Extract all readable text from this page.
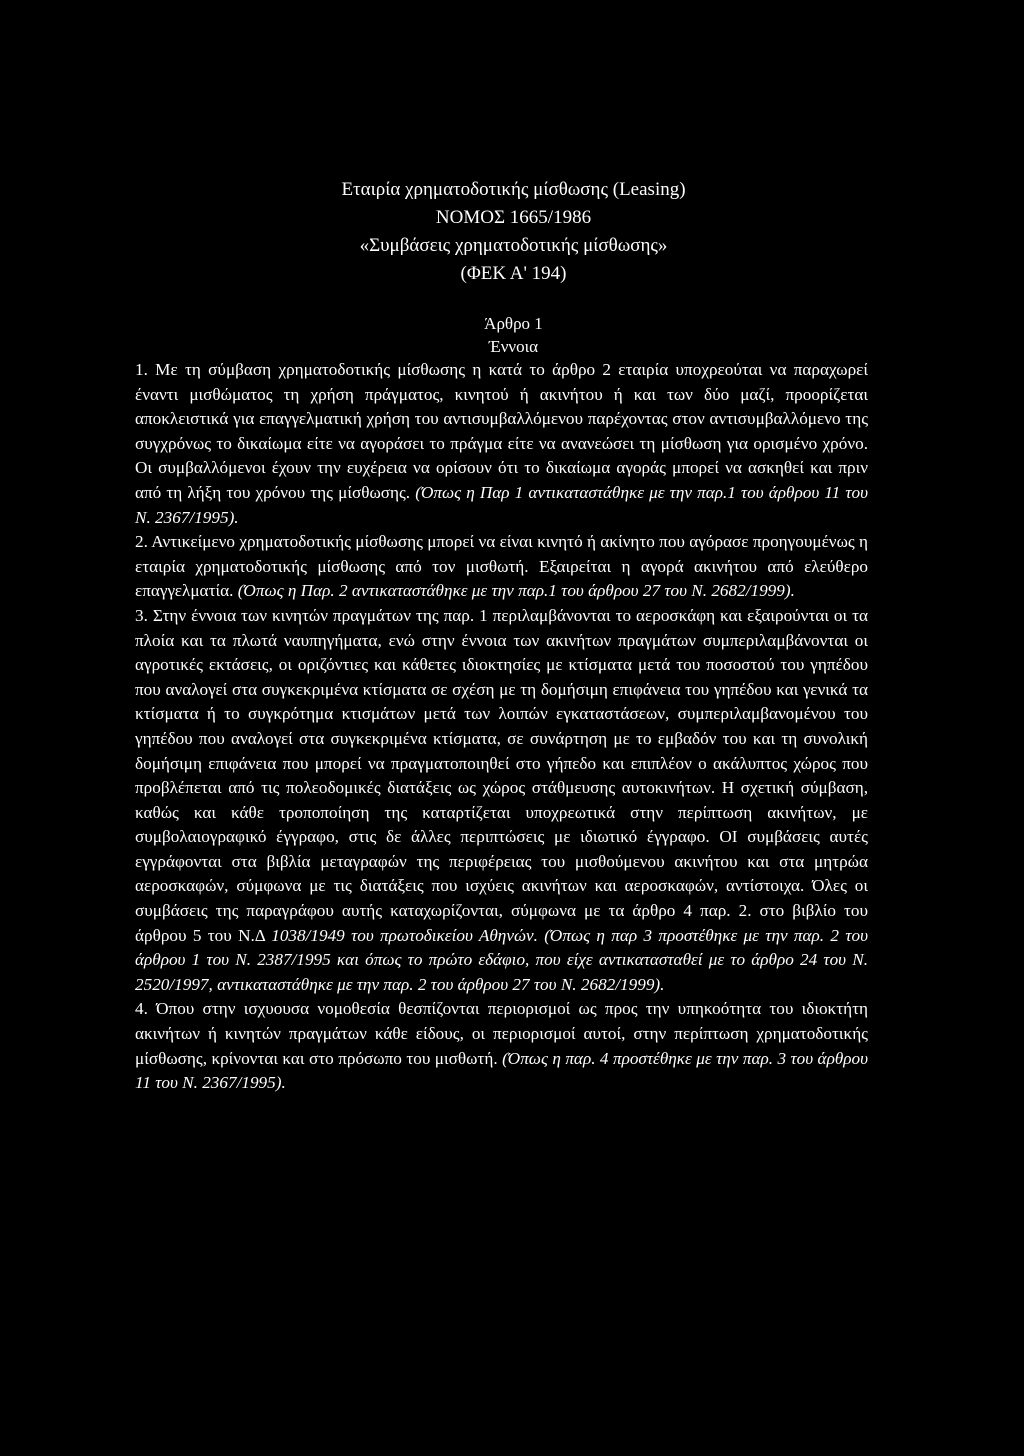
Εταιρία χρηματοδοτικής μίσθωσης (Leasing)
ΝΟΜΟΣ 1665/1986
«Συμβάσεις χρηματοδοτικής μίσθωσης»
(ΦΕΚ Α' 194)
Άρθρο 1
Έννοια

1. Με τη σύμβαση χρηματοδοτικής μίσθωσης η κατά το άρθρο 2 εταιρία υποχρεούται να παραχωρεί έναντι μισθώματος τη χρήση πράγματος, κινητού ή ακινήτου ή και των δύο μαζί, προορίζεται αποκλειστικά για επαγγελματική χρήση του αντισυμβαλλόμενου παρέχοντας στον αντισυμβαλλόμενο της συγχρόνως το δικαίωμα είτε να αγοράσει το πράγμα είτε να ανανεώσει τη μίσθωση για ορισμένο χρόνο. Οι συμβαλλόμενοι έχουν την ευχέρεια να ορίσουν ότι το δικαίωμα αγοράς μπορεί να ασκηθεί και πριν από τη λήξη του χρόνου της μίσθωσης. (Όπως η Παρ 1 αντικαταστάθηκε με την παρ.1 του άρθρου 11 του Ν. 2367/1995).

2. Αντικείμενο χρηματοδοτικής μίσθωσης μπορεί να είναι κινητό ή ακίνητο που αγόρασε προηγουμένως η εταιρία χρηματοδοτικής μίσθωσης από τον μισθωτή. Εξαιρείται η αγορά ακινήτου από ελεύθερο επαγγελματία. (Όπως η Παρ. 2 αντικαταστάθηκε με την παρ.1 του άρθρου 27 του Ν. 2682/1999).

3. Στην έννοια των κινητών πραγμάτων της παρ. 1 περιλαμβάνονται το αεροσκάφη και εξαιρούνται οι τα πλοία και τα πλωτά ναυπηγήματα, ενώ στην έννοια των ακινήτων πραγμάτων συμπεριλαμβάνονται οι αγροτικές εκτάσεις, οι οριζόντιες και κάθετες ιδιοκτησίες με κτίσματα μετά του ποσοστού του γηπέδου που αναλογεί στα συγκεκριμένα κτίσματα σε σχέση με τη δομήσιμη επιφάνεια του γηπέδου και γενικά τα κτίσματα ή το συγκρότημα κτισμάτων μετά των λοιπών εγκαταστάσεων, συμπεριλαμβανομένου του γηπέδου που αναλογεί στα συγκεκριμένα κτίσματα, σε συνάρτηση με το εμβαδόν του και τη συνολική δομήσιμη επιφάνεια που μπορεί να πραγματοποιηθεί στο γήπεδο και επιπλέον ο ακάλυπτος χώρος που προβλέπεται από τις πολεοδομικές διατάξεις ως χώρος στάθμευσης αυτοκινήτων. Η σχετική σύμβαση, καθώς και κάθε τροποποίηση της καταρτίζεται υποχρεωτικά στην περίπτωση ακινήτων, με συμβολαιογραφικό έγγραφο, στις δε άλλες περιπτώσεις με ιδιωτικό έγγραφο. ΟΙ συμβάσεις αυτές εγγράφονται στα βιβλία μεταγραφών της περιφέρειας του μισθούμενου ακινήτου και στα μητρώα αεροσκαφών, σύμφωνα με τις διατάξεις που ισχύεις ακινήτων και αεροσκαφών, αντίστοιχα. Όλες οι συμβάσεις της παραγράφου αυτής καταχωρίζονται, σύμφωνα με τα άρθρο 4 παρ. 2. στο βιβλίο του άρθρου 5 του Ν.Δ 1038/1949 του πρωτοδικείου Αθηνών. (Όπως η παρ 3 προστέθηκε με την παρ. 2 του άρθρου 1 του Ν. 2387/1995 και όπως το πρώτο εδάφιο, που είχε αντικατασταθεί με το άρθρο 24 του Ν. 2520/1997, αντικαταστάθηκε με την παρ. 2 του άρθρου 27 του Ν. 2682/1999).

4. Όπου στην ισχυουσα νομοθεσία θεσπίζονται περιορισμοί ως προς την υπηκοότητα του ιδιοκτήτη ακινήτων ή κινητών πραγμάτων κάθε είδους, οι περιορισμοί αυτοί, στην περίπτωση χρηματοδοτικής μίσθωσης, κρίνονται και στο πρόσωπο του μισθωτή. (Όπως η παρ. 4 προστέθηκε με την παρ. 3 του άρθρου 11 του Ν. 2367/1995).
